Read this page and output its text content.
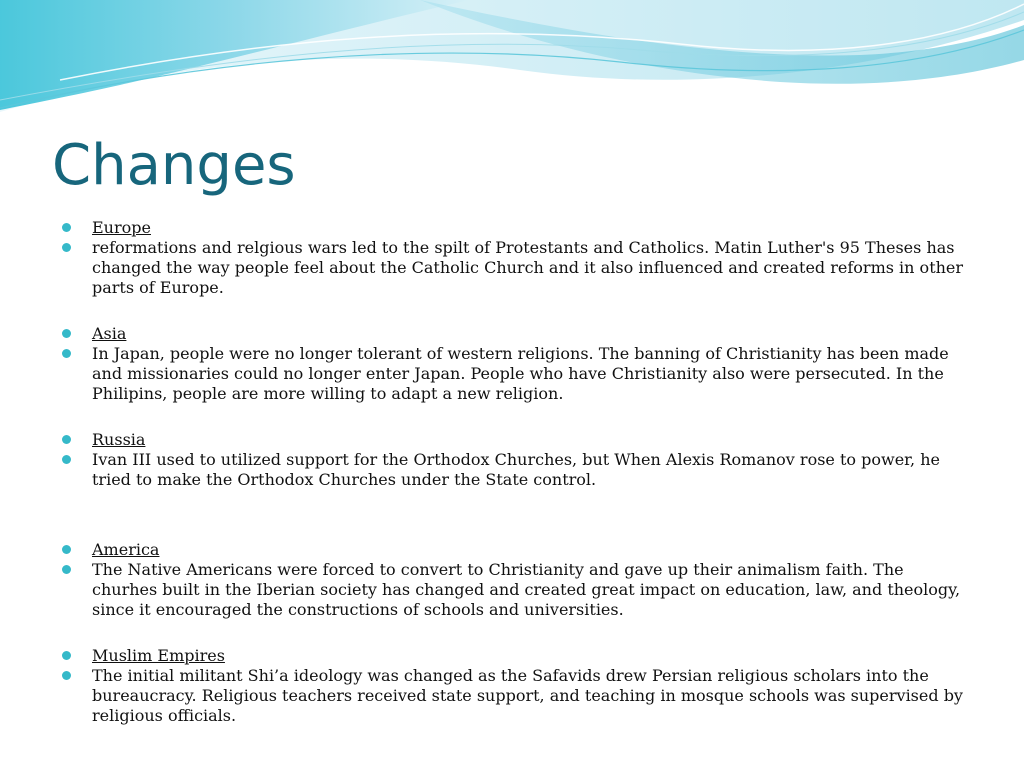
Changes
Europe
reformations and relgious wars led to the spilt of Protestants and Catholics. Matin Luther's 95 Theses has changed the way people feel about the Catholic Church and it also influenced and created reforms in other parts of Europe.
Asia
In Japan, people were no longer tolerant of western religions. The banning of Christianity has been made and missionaries could no longer enter Japan. People who have Christianity also were persecuted. In the Philipins, people are more willing to adapt a new religion.
Russia
Ivan III used to utilized support for the Orthodox Churches, but When Alexis Romanov rose to power, he tried to make the Orthodox Churches under the State control.
America
The Native Americans were forced to convert to Christianity and gave up their animalism faith. The churhes built in the Iberian society has changed and created great impact on education, law, and theology, since it encouraged the constructions of schools and universities.
Muslim Empires
The initial militant Shi’a ideology was changed as the Safavids drew Persian religious scholars into the bureaucracy. Religious teachers received state support, and teaching in mosque schools was supervised by religious officials.
